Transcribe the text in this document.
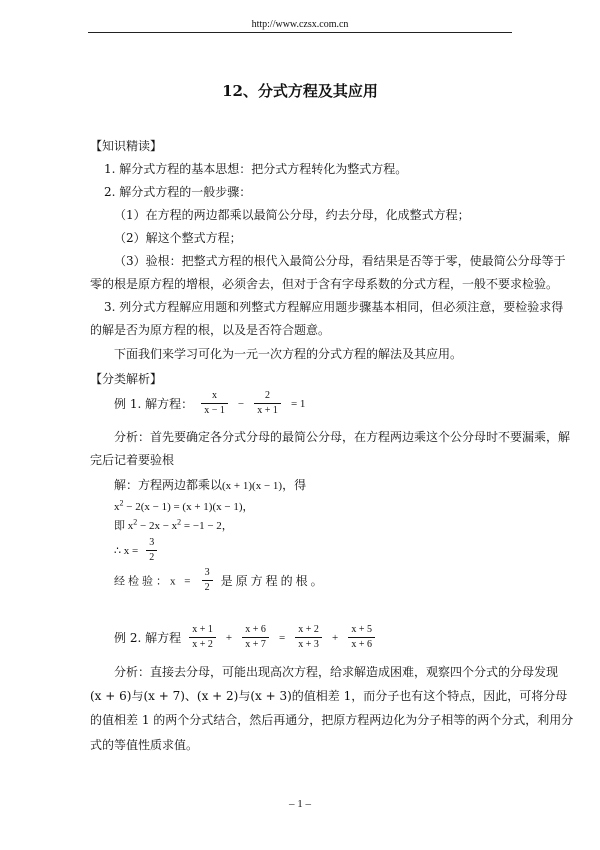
http://www.czsx.com.cn
12、分式方程及其应用
【知识精读】
1. 解分式方程的基本思想：把分式方程转化为整式方程。
2. 解分式方程的一般步骤：
（1）在方程的两边都乘以最简公分母，约去分母，化成整式方程；
（2）解这个整式方程；
（3）验根：把整式方程的根代入最简公分母，看结果是否等于零，使最简公分母等于
零的根是原方程的增根，必须舍去，但对于含有字母系数的分式方程，一般不要求检验。
3. 列分式方程解应用题和列整式方程解应用题步骤基本相同，但必须注意，要检验求得
的解是否为原方程的根，以及是否符合题意。
下面我们来学习可化为一元一次方程的分式方程的解法及其应用。
【分类解析】
例 1. 解方程： $\frac{x}{x - 1} - \frac{2}{x + 1} = 1$
分析：首先要确定各分式分母的最简公分母，在方程两边乘这个公分母时不要漏乘，解
完后记着要验根
解：方程两边都乘以(x + 1)(x − 1)，得
$x^2 - 2(x - 1) = (x + 1)(x - 1)$，
即 $x^2 - 2x - x^2 = -1 - 2$，
∴ $x = \frac{3}{2}$
经检验：$x = \frac{3}{2}$ 是原方程的根。
例 2. 解方程 $\frac{x + 1}{x + 2} + \frac{x + 6}{x + 7} = \frac{x + 2}{x + 3} + \frac{x + 5}{x + 6}$
分析：直接去分母，可能出现高次方程，给求解造成困难，观察四个分式的分母发现
(x + 6)与(x + 7)、(x + 2)与(x + 3)的值相差 1，而分子也有这个特点，因此，可将分母
的值相差 1 的两个分式结合，然后再通分，把原方程两边化为分子相等的两个分式，利用分
式的等值性质求值。
– 1 –
